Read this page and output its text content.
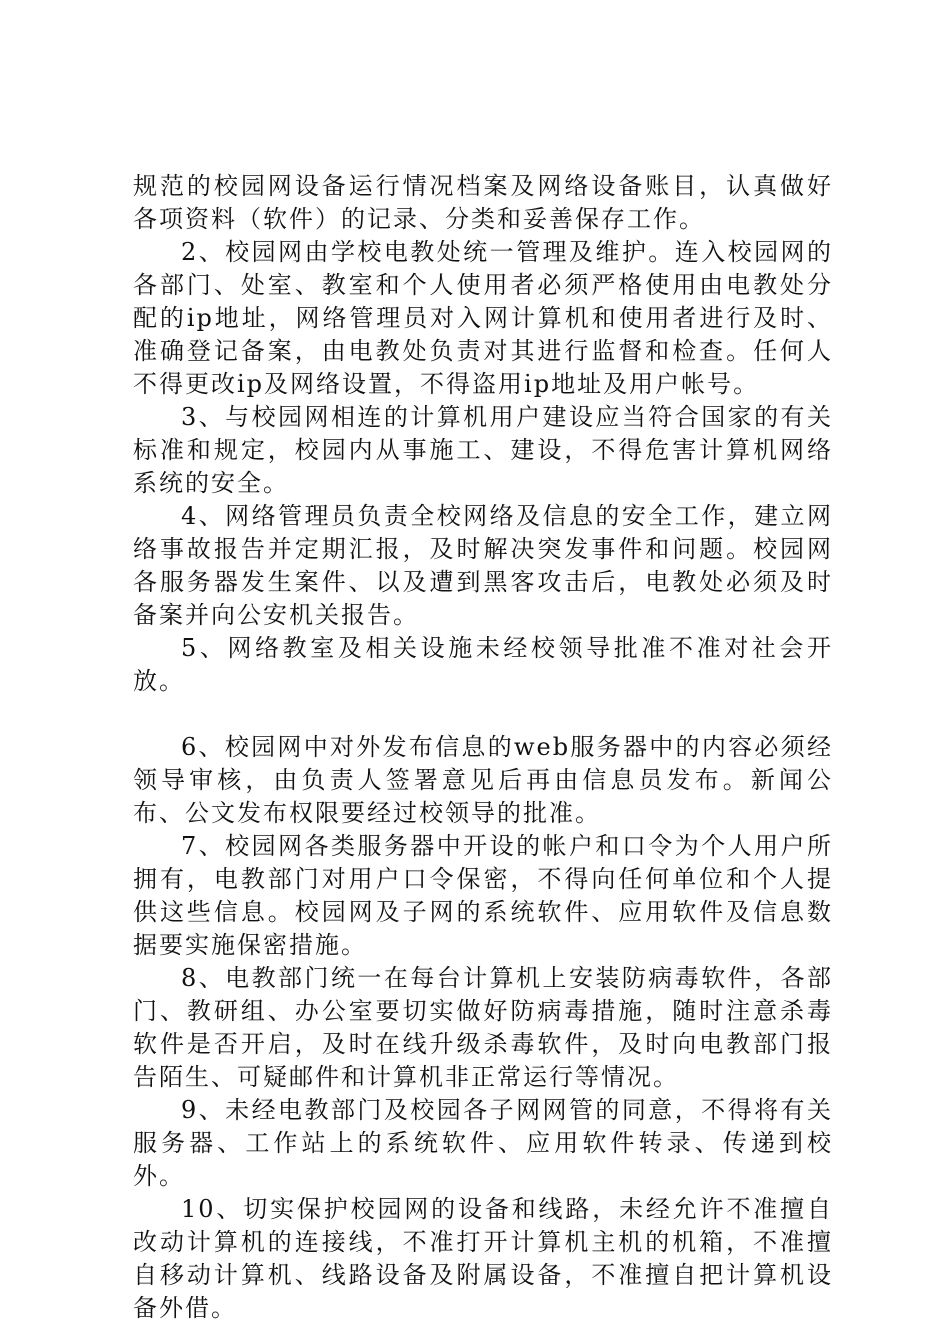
规范的校园网设备运行情况档案及网络设备账目，认真做好各项资料（软件）的记录、分类和妥善保存工作。

2、校园网由学校电教处统一管理及维护。连入校园网的各部门、处室、教室和个人使用者必须严格使用由电教处分配的ip地址，网络管理员对入网计算机和使用者进行及时、准确登记备案，由电教处负责对其进行监督和检查。任何人不得更改ip及网络设置，不得盗用ip地址及用户帐号。

3、与校园网相连的计算机用户建设应当符合国家的有关标准和规定，校园内从事施工、建设，不得危害计算机网络系统的安全。

4、网络管理员负责全校网络及信息的安全工作，建立网络事故报告并定期汇报，及时解决突发事件和问题。校园网各服务器发生案件、以及遭到黑客攻击后，电教处必须及时备案并向公安机关报告。

5、网络教室及相关设施未经校领导批准不准对社会开放。

6、校园网中对外发布信息的web服务器中的内容必须经领导审核，由负责人签署意见后再由信息员发布。新闻公布、公文发布权限要经过校领导的批准。

7、校园网各类服务器中开设的帐户和口令为个人用户所拥有，电教部门对用户口令保密，不得向任何单位和个人提供这些信息。校园网及子网的系统软件、应用软件及信息数据要实施保密措施。

8、电教部门统一在每台计算机上安装防病毒软件，各部门、教研组、办公室要切实做好防病毒措施，随时注意杀毒软件是否开启，及时在线升级杀毒软件，及时向电教部门报告陌生、可疑邮件和计算机非正常运行等情况。

9、未经电教部门及校园各子网网管的同意，不得将有关服务器、工作站上的系统软件、应用软件转录、传递到校外。

10、切实保护校园网的设备和线路，未经允许不准擅自改动计算机的连接线，不准打开计算机主机的机箱，不准擅自移动计算机、线路设备及附属设备，不准擅自把计算机设备外借。
